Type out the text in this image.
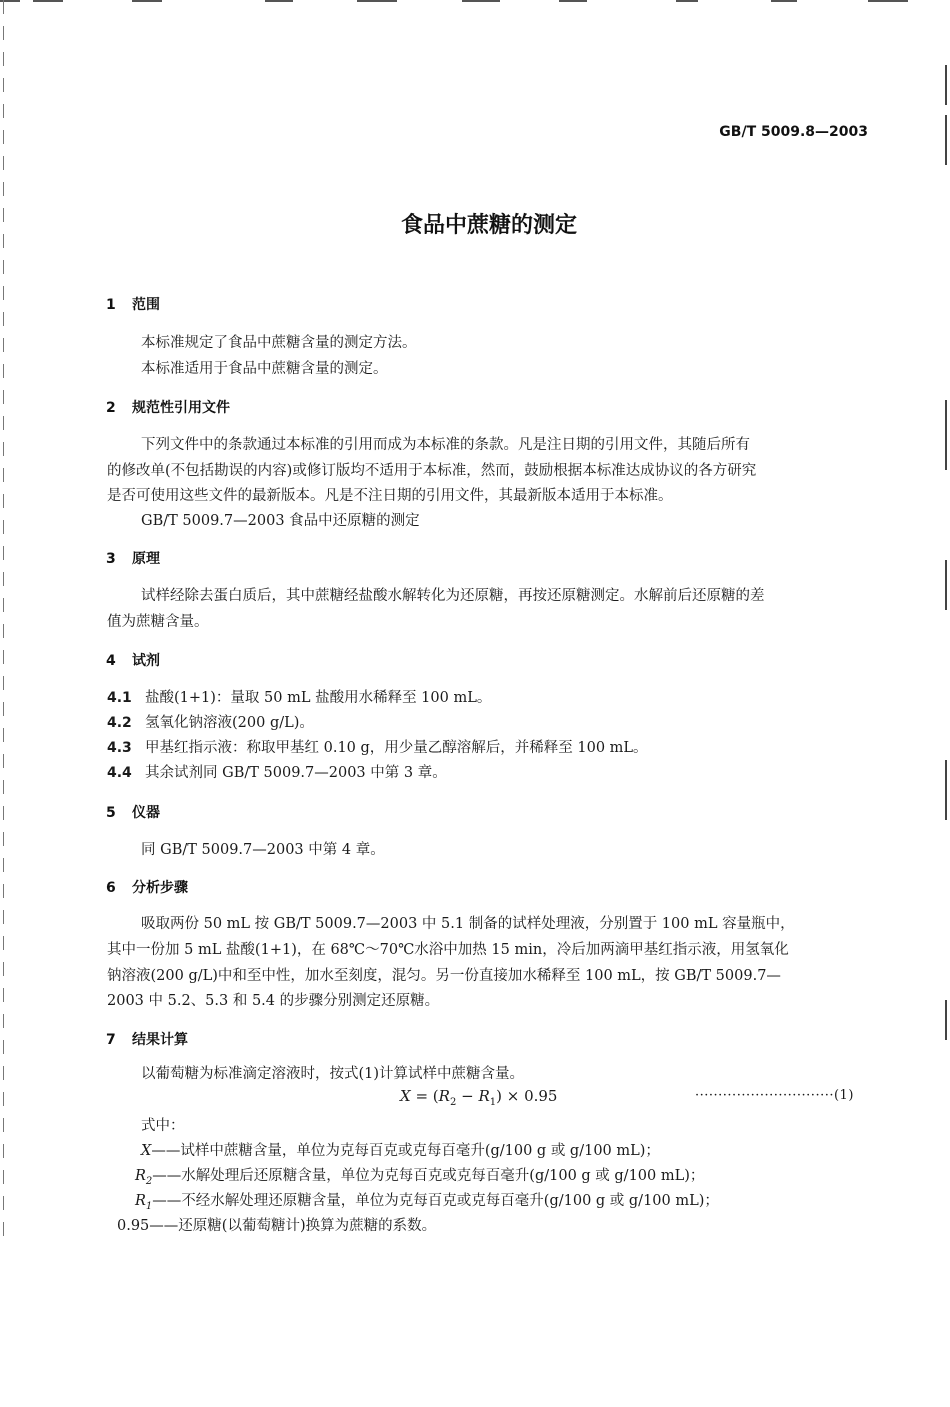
GB/T 5009.8—2003
食品中蔗糖的测定
1 范围
本标准规定了食品中蔗糖含量的测定方法。
本标准适用于食品中蔗糖含量的测定。
2 规范性引用文件
下列文件中的条款通过本标准的引用而成为本标准的条款。凡是注日期的引用文件，其随后所有
的修改单(不包括勘误的内容)或修订版均不适用于本标准，然而，鼓励根据本标准达成协议的各方研究
是否可使用这些文件的最新版本。凡是不注日期的引用文件，其最新版本适用于本标准。
GB/T 5009.7—2003 食品中还原糖的测定
3 原理
试样经除去蛋白质后，其中蔗糖经盐酸水解转化为还原糖，再按还原糖测定。水解前后还原糖的差
值为蔗糖含量。
4 试剂
4.1 盐酸(1+1)：量取 50 mL 盐酸用水稀释至 100 mL。
4.2 氢氧化钠溶液(200 g/L)。
4.3 甲基红指示液：称取甲基红 0.10 g，用少量乙醇溶解后，并稀释至 100 mL。
4.4 其余试剂同 GB/T 5009.7—2003 中第 3 章。
5 仪器
同 GB/T 5009.7—2003 中第 4 章。
6 分析步骤
吸取两份 50 mL 按 GB/T 5009.7—2003 中 5.1 制备的试样处理液，分别置于 100 mL 容量瓶中，
其中一份加 5 mL 盐酸(1+1)，在 68℃～70℃水浴中加热 15 min，冷后加两滴甲基红指示液，用氢氧化
钠溶液(200 g/L)中和至中性，加水至刻度，混匀。另一份直接加水稀释至 100 mL，按 GB/T 5009.7—
2003 中 5.2、5.3 和 5.4 的步骤分别测定还原糖。
7 结果计算
以葡萄糖为标准滴定溶液时，按式(1)计算试样中蔗糖含量。
$X = (R_2 - R_1) \times 0.95$	······························(1)
式中：
X——试样中蔗糖含量，单位为克每百克或克每百毫升(g/100 g 或 g/100 mL)；
$R_2——$水解处理后还原糖含量，单位为克每百克或克每百毫升(g/100 g 或 g/100 mL)；
$R_1——$不经水解处理还原糖含量，单位为克每百克或克每百毫升(g/100 g 或 g/100 mL)；
0.95——还原糖(以葡萄糖计)换算为蔗糖的系数。
